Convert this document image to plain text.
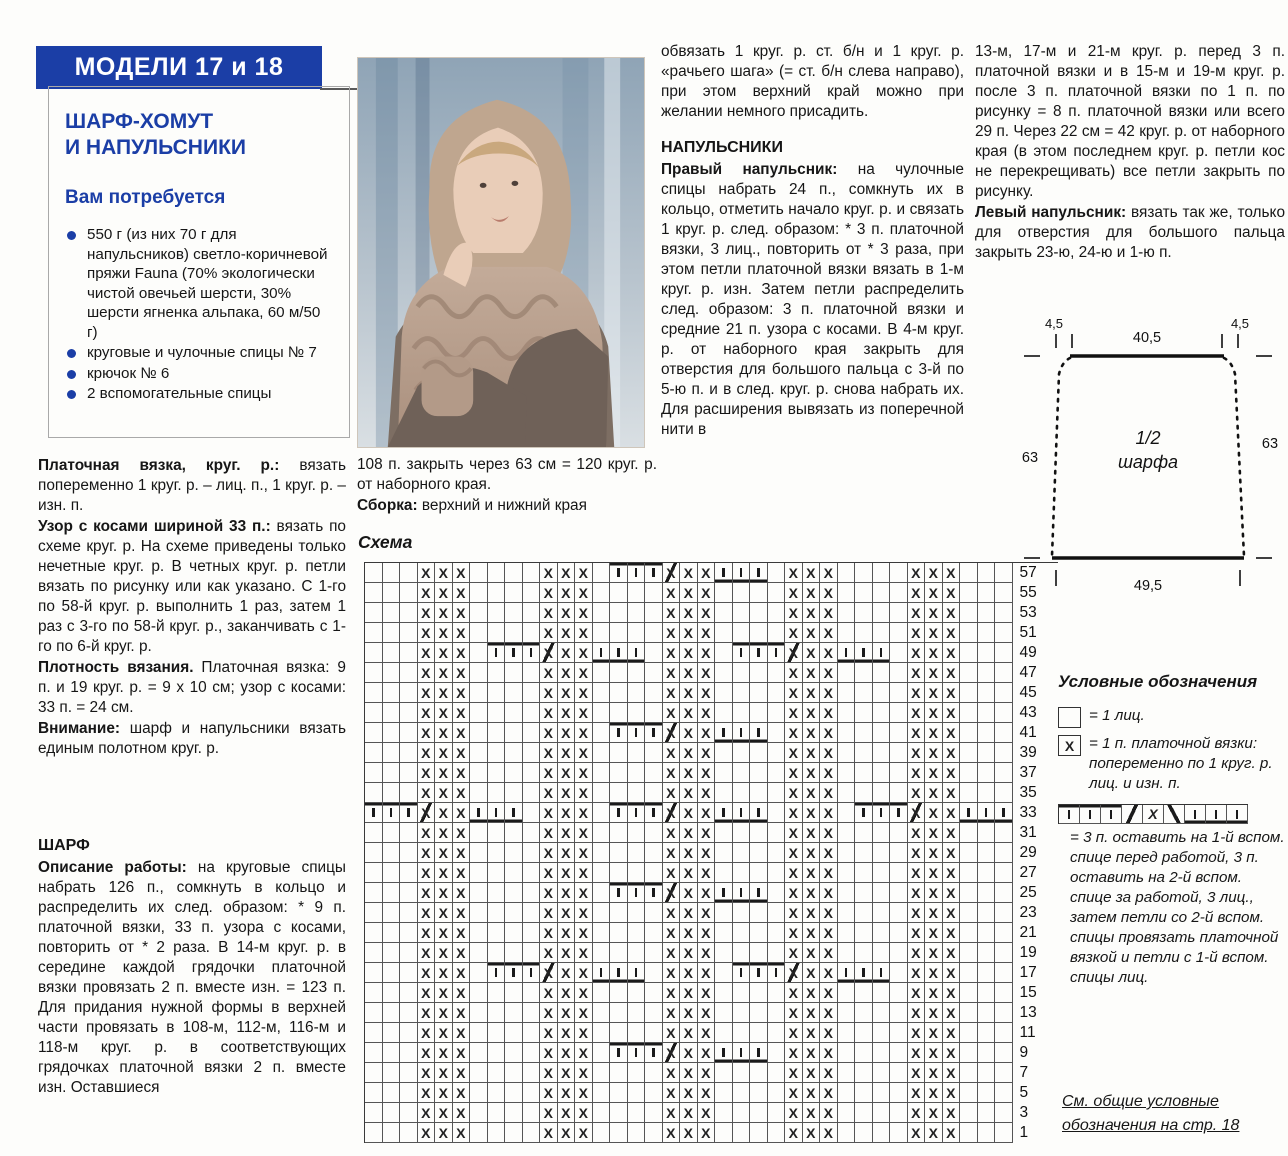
МОДЕЛИ 17 и 18
ШАРФ-ХОМУТ
И НАПУЛЬСНИКИ
Вам потребуется
550 г (из них 70 г для напульсников) светло-коричневой пряжи Fauna (70% экологически чистой овечьей шерсти, 30% шерсти ягненка альпака, 60 м/50 г)
круговые и чулочные спицы № 7
крючок № 6
2 вспомогательные спицы

Платочная вязка, круг. р.: вязать попеременно 1 круг. р. – лиц. п., 1 круг. р. – изн. п.

Узор с косами шириной 33 п.: вязать по схеме круг. р. На схеме приведены только нечетные круг. р. В четных круг. р. петли вязать по рисунку или как указано. С 1-го по 58-й круг. р. выполнить 1 раз, затем 1 раз с 3-го по 58-й круг. р., заканчивать с 1-го по 6-й круг. р.

Плотность вязания. Платочная вязка: 9 п. и 19 круг. р. = 9 х 10 см; узор с косами: 33 п. = 24 см.

Внимание: шарф и напульсники вязать единым полотном круг. р.

ШАРФ

Описание работы: на круговые спицы набрать 126 п., сомкнуть в кольцо и распределить их след. образом: * 9 п. платочной вязки, 33 п. узора с косами, повторить от * 2 раза. В 14-м круг. р. в середине каждой грядочки платочной вязки провязать 2 п. вместе изн. = 123 п. Для придания нужной формы в верхней части провязать в 108-м, 112-м, 116-м и 118-м круг. р. в соответствующих грядочках платочной вязки 2 п. вместе изн. Оставшиеся

108 п. закрыть через 63 см = 120 круг. р. от наборного края.

Сборка: верхний и нижний края

Схема
X
X
X
X
X
X
X
X
X
X
X
X
X
X
X
57
X
X
X
X
X
X
X
X
X
X
X
X
X
X
X
55
X
X
X
X
X
X
X
X
X
X
X
X
X
X
X
53
X
X
X
X
X
X
X
X
X
X
X
X
X
X
X
51
X
X
X
X
X
X
X
X
X
X
X
X
X
X
X
49
X
X
X
X
X
X
X
X
X
X
X
X
X
X
X
47
X
X
X
X
X
X
X
X
X
X
X
X
X
X
X
45
X
X
X
X
X
X
X
X
X
X
X
X
X
X
X
43
X
X
X
X
X
X
X
X
X
X
X
X
X
X
X
41
X
X
X
X
X
X
X
X
X
X
X
X
X
X
X
39
X
X
X
X
X
X
X
X
X
X
X
X
X
X
X
37
X
X
X
X
X
X
X
X
X
X
X
X
X
X
X
35
X
X
X
X
X
X
X
X
X
X
X
X
X
X
X
33
X
X
X
X
X
X
X
X
X
X
X
X
X
X
X
31
X
X
X
X
X
X
X
X
X
X
X
X
X
X
X
29
X
X
X
X
X
X
X
X
X
X
X
X
X
X
X
27
X
X
X
X
X
X
X
X
X
X
X
X
X
X
X
25
X
X
X
X
X
X
X
X
X
X
X
X
X
X
X
23
X
X
X
X
X
X
X
X
X
X
X
X
X
X
X
21
X
X
X
X
X
X
X
X
X
X
X
X
X
X
X
19
X
X
X
X
X
X
X
X
X
X
X
X
X
X
X
17
X
X
X
X
X
X
X
X
X
X
X
X
X
X
X
15
X
X
X
X
X
X
X
X
X
X
X
X
X
X
X
13
X
X
X
X
X
X
X
X
X
X
X
X
X
X
X
11
X
X
X
X
X
X
X
X
X
X
X
X
X
X
X
9
X
X
X
X
X
X
X
X
X
X
X
X
X
X
X
7
X
X
X
X
X
X
X
X
X
X
X
X
X
X
X
5
X
X
X
X
X
X
X
X
X
X
X
X
X
X
X
3
X
X
X
X
X
X
X
X
X
X
X
X
X
X
X
1

обвязать 1 круг. р. ст. б/н и 1 круг. р. «рачьего шага» (= ст. б/н слева направо), при этом верхний край можно при желании немного присадить.

НАПУЛЬСНИКИ

Правый напульсник: на чулочные спицы набрать 24 п., сомкнуть их в кольцо, отметить начало круг. р. и связать 1 круг. р. след. образом: * 3 п. платочной вязки, 3 лиц., повторить от * 3 раза, при этом петли платочной вязки вязать в 1-м круг. р. изн. Затем петли распределить след. образом: 3 п. платочной вязки и средние 21 п. узора с косами. В 4-м круг. р. от наборного края закрыть для отверстия для большого пальца с 3-й по 5-ю п. и в след. круг. р. снова набрать их. Для расширения вывязать из поперечной нити в

13-м, 17-м и 21-м круг. р. перед 3 п. платочной вязки и в 15-м и 19-м круг. р. после 3 п. платочной вязки по 1 п. по рисунку = 8 п. платочной вязки или всего 29 п. Через 22 см = 42 круг. р. от наборного края (в этом последнем круг. р. петли кос не перекрещивать) все петли закрыть по рисунку.

Левый напульсник: вязать так же, только для отверстия для большого пальца закрыть 23-ю, 24-ю и 1-ю п.

4,5
40,5
4,5
63
63
49,5
1/2
шарфа
Условные обозначения
= 1 лиц.
X
= 1 п. платочной вязки: попеременно по 1 круг. р. лиц. и изн. п.
X
= 3 п. оставить на 1-й вспом. спице перед работой, 3 п. оставить на 2-й вспом. спице за работой, 3 лиц., затем петли со 2-й вспом. спицы провязать платочной вязкой и петли с 1-й вспом. спицы лиц.
См. общие условные
обозначения на стр. 18
